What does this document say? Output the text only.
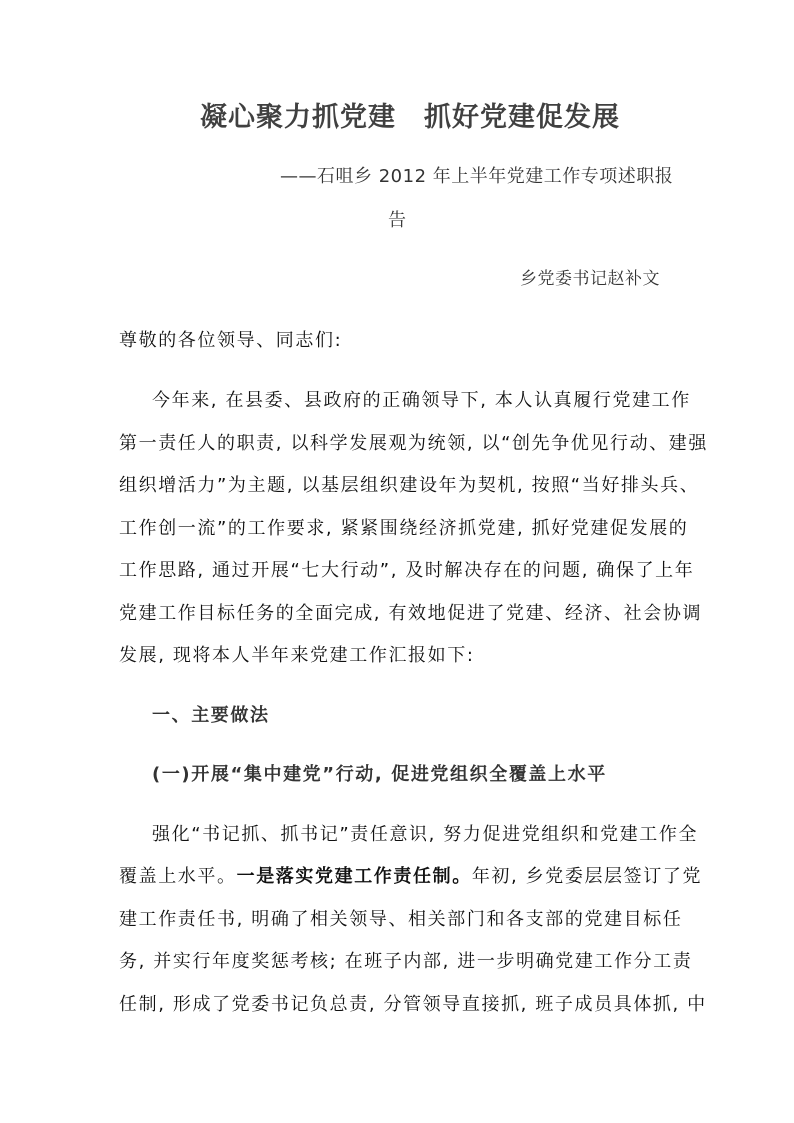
凝心聚力抓党建 抓好党建促发展
——石咀乡 2012 年上半年党建工作专项述职报
告
乡党委书记赵补文
尊敬的各位领导、同志们:
今年来, 在县委、县政府的正确领导下, 本人认真履行党建工作
第一责任人的职责, 以科学发展观为统领, 以“创先争优见行动、建强
组织增活力”为主题, 以基层组织建设年为契机, 按照“当好排头兵、
工作创一流”的工作要求, 紧紧围绕经济抓党建, 抓好党建促发展的
工作思路, 通过开展“七大行动”, 及时解决存在的问题, 确保了上年
党建工作目标任务的全面完成, 有效地促进了党建、经济、社会协调
发展, 现将本人半年来党建工作汇报如下:
一、主要做法
(一)开展“集中建党”行动, 促进党组织全覆盖上水平
强化“书记抓、抓书记”责任意识, 努力促进党组织和党建工作全
覆盖上水平。一是落实党建工作责任制。年初, 乡党委层层签订了党
建工作责任书, 明确了相关领导、相关部门和各支部的党建目标任
务, 并实行年度奖惩考核; 在班子内部, 进一步明确党建工作分工责
任制, 形成了党委书记负总责, 分管领导直接抓, 班子成员具体抓, 中
